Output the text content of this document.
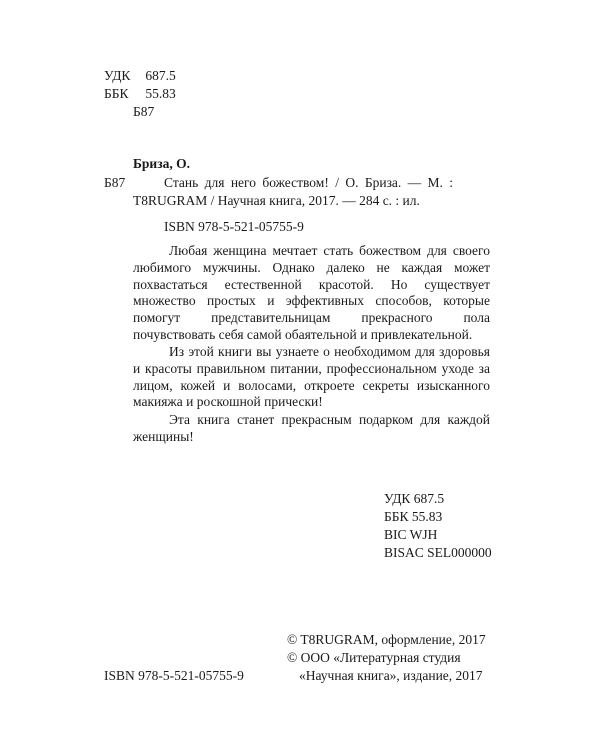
УДК 687.5
ББК 55.83
Б87
Бриза, О.
Б87	Стань для него божеством! / О. Бриза. — М. :
T8RUGRAM / Научная книга, 2017. — 284 с. : ил.
ISBN 978-5-521-05755-9
Любая женщина мечтает стать божеством для своего любимого мужчины. Однако далеко не каждая может похвастаться естественной красотой. Но существует множество простых и эффективных способов, которые помогут представительницам прекрасного пола почувствовать себя самой обаятельной и привлекательной.
Из этой книги вы узнаете о необходимом для здоровья и красоты правильном питании, профессиональном уходе за лицом, кожей и волосами, откроете секреты изысканного макияжа и роскошной прически!
Эта книга станет прекрасным подарком для каждой женщины!
УДК 687.5
ББК 55.83
BIC WJH
BISAC SEL000000
© T8RUGRAM, оформление, 2017
© ООО «Литературная студия
ISBN 978-5-521-05755-9	«Научная книга», издание, 2017
